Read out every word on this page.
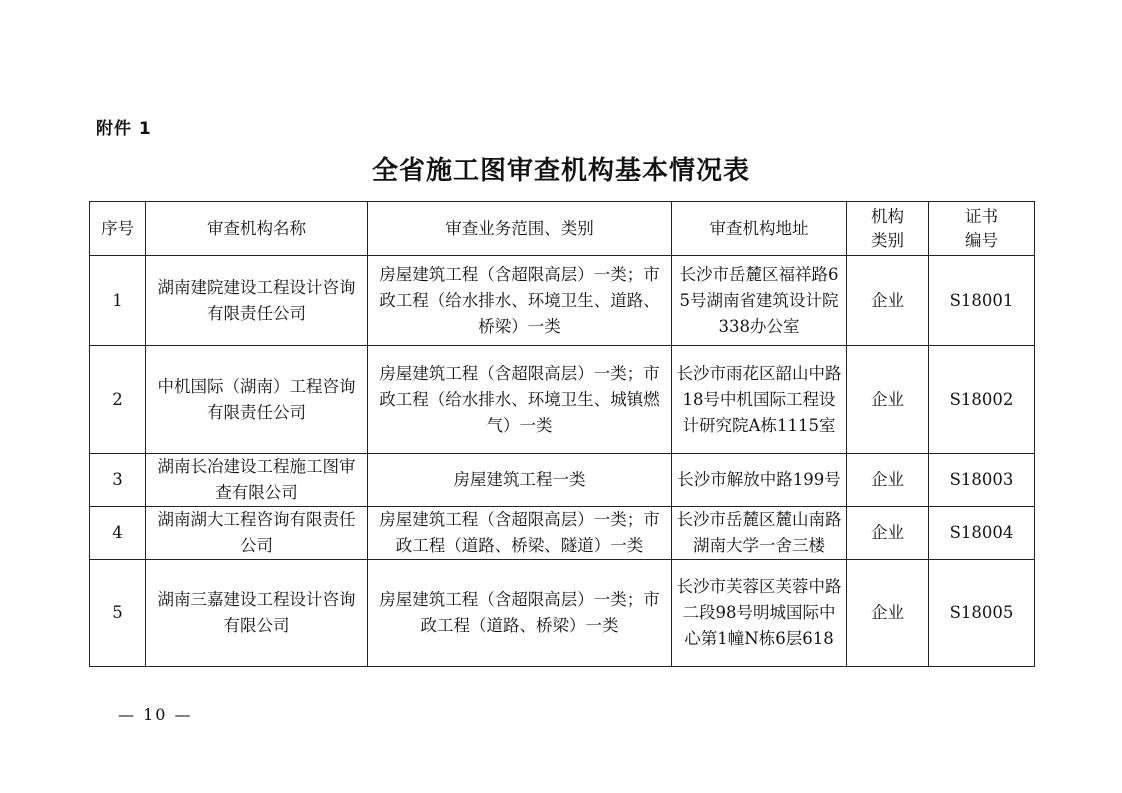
附件 1
全省施工图审查机构基本情况表
序号	审查机构名称	审查业务范围、类别	审查机构地址	机构类别	证书编号
1	湖南建院建设工程设计咨询有限责任公司	房屋建筑工程（含超限高层）一类；市政工程（给水排水、环境卫生、道路、桥梁）一类	长沙市岳麓区福祥路65号湖南省建筑设计院338办公室	企业	S18001
2	中机国际（湖南）工程咨询有限责任公司	房屋建筑工程（含超限高层）一类；市政工程（给水排水、环境卫生、城镇燃气）一类	长沙市雨花区韶山中路18号中机国际工程设计研究院A栋1115室	企业	S18002
3	湖南长冶建设工程施工图审查有限公司	房屋建筑工程一类	长沙市解放中路199号	企业	S18003
4	湖南湖大工程咨询有限责任公司	房屋建筑工程（含超限高层）一类；市政工程（道路、桥梁、隧道）一类	长沙市岳麓区麓山南路湖南大学一舍三楼	企业	S18004
5	湖南三嘉建设工程设计咨询有限公司	房屋建筑工程（含超限高层）一类；市政工程（道路、桥梁）一类	长沙市芙蓉区芙蓉中路二段98号明城国际中心第1幢N栋6层618	企业	S18005
— 10 —
